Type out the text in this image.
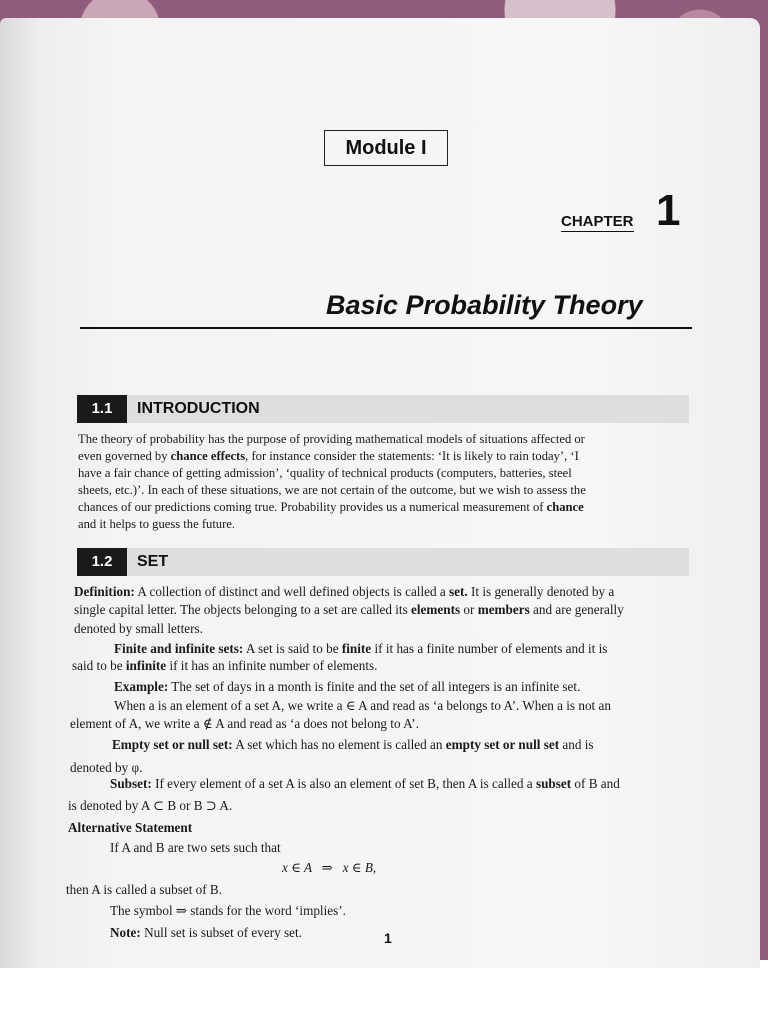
Module I
CHAPTER 1
Basic Probability Theory
1.1	INTRODUCTION
The theory of probability has the purpose of providing mathematical models of situations affected or
even governed by chance effects, for instance consider the statements: ‘It is likely to rain today’, ‘I
have a fair chance of getting admission’, ‘quality of technical products (computers, batteries, steel
sheets, etc.)’. In each of these situations, we are not certain of the outcome, but we wish to assess the
chances of our predictions coming true. Probability provides us a numerical measurement of chance
and it helps to guess the future.
1.2	SET
Definition: A collection of distinct and well defined objects is called a set. It is generally denoted by a
single capital letter. The objects belonging to a set are called its elements or members and are generally
denoted by small letters.
Finite and infinite sets: A set is said to be finite if it has a finite number of elements and it is
said to be infinite if it has an infinite number of elements.
Example: The set of days in a month is finite and the set of all integers is an infinite set.
When a is an element of a set A, we write a ∈ A and read as ‘a belongs to A’. When a is not an
element of A, we write a ∉ A and read as ‘a does not belong to A’.
Empty set or null set: A set which has no element is called an empty set or null set and is
denoted by φ.
Subset: If every element of a set A is also an element of set B, then A is called a subset of B and
is denoted by A ⊂ B or B ⊃ A.
Alternative Statement
If A and B are two sets such that
x ∈ A   ⇒   x ∈ B,
then A is called a subset of B.
The symbol ⇒ stands for the word ‘implies’.
Note: Null set is subset of every set.	1
